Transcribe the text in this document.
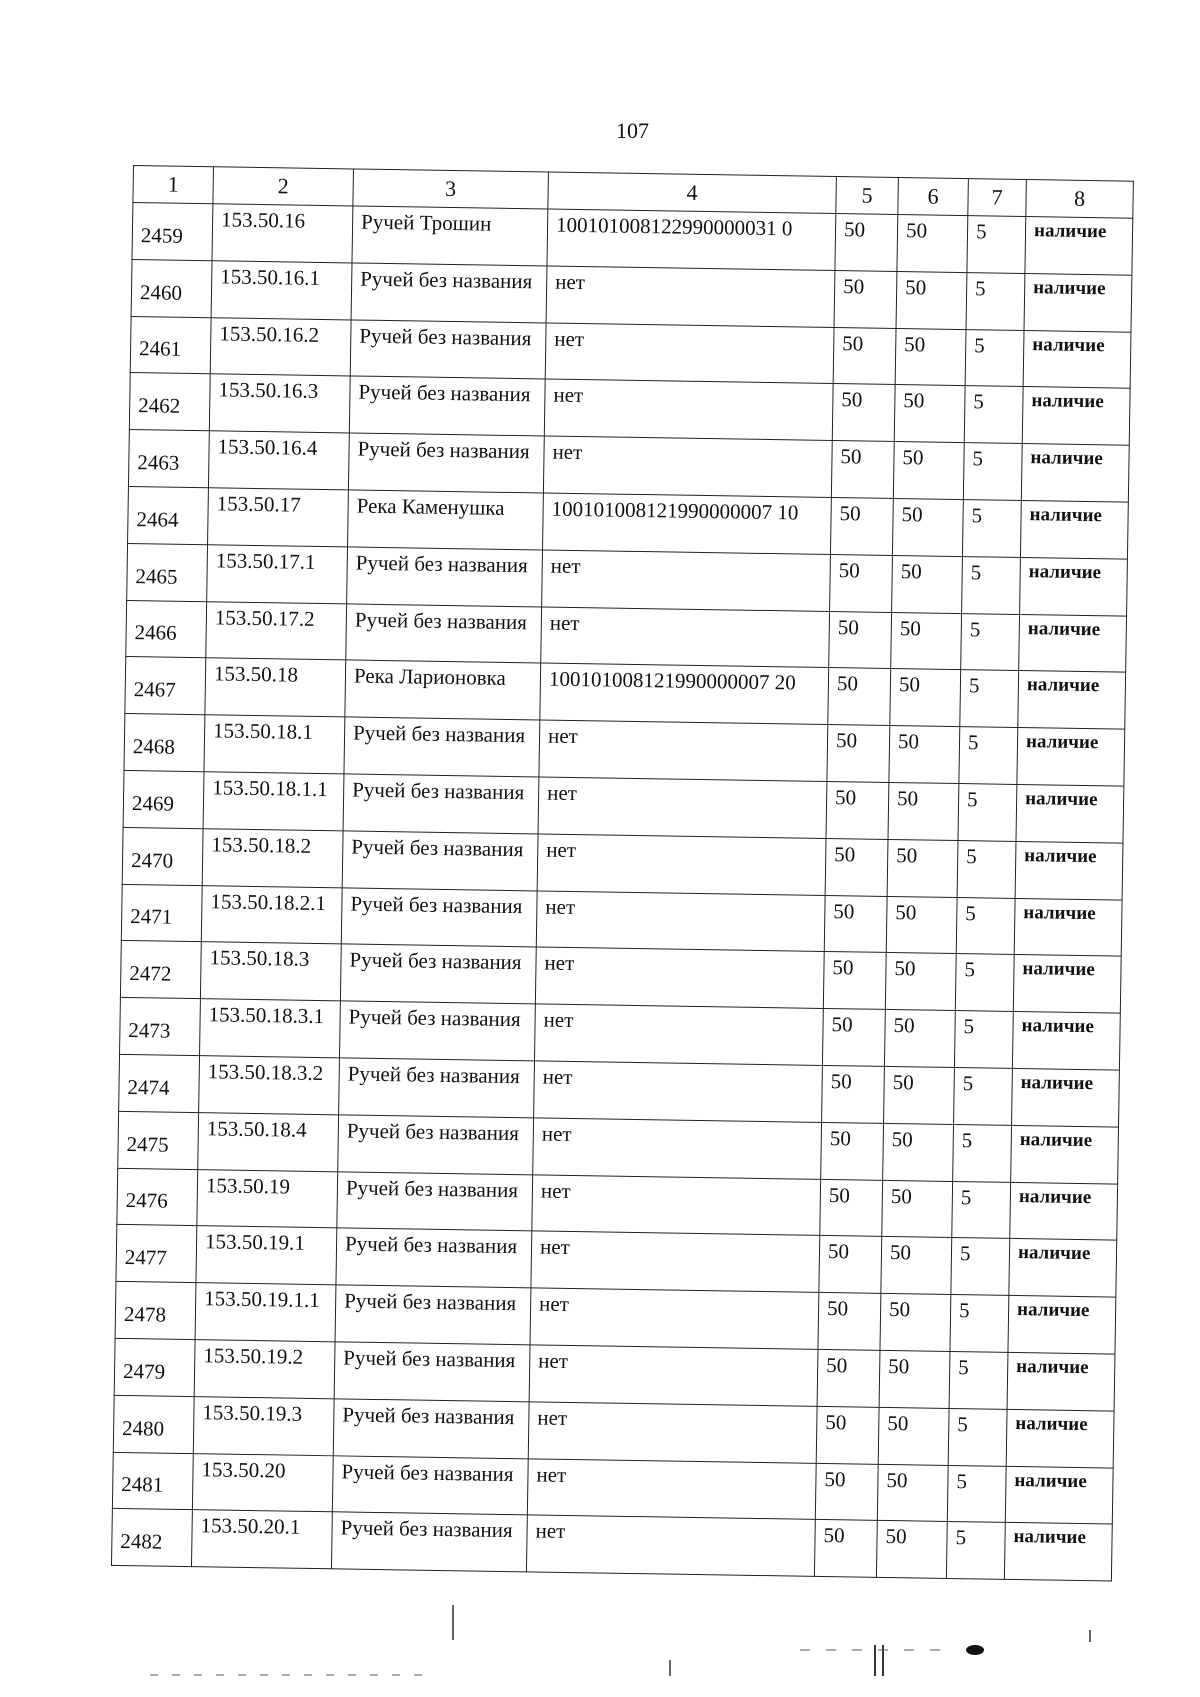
107
1	2	3	4	5	6	7	8
2459	153.50.16	Ручей Трошин	100101008122990000031 0	50	50	5	наличие
2460	153.50.16.1	Ручей без названия	нет	50	50	5	наличие
2461	153.50.16.2	Ручей без названия	нет	50	50	5	наличие
2462	153.50.16.3	Ручей без названия	нет	50	50	5	наличие
2463	153.50.16.4	Ручей без названия	нет	50	50	5	наличие
2464	153.50.17	Река Каменушка	100101008121990000007 10	50	50	5	наличие
2465	153.50.17.1	Ручей без названия	нет	50	50	5	наличие
2466	153.50.17.2	Ручей без названия	нет	50	50	5	наличие
2467	153.50.18	Река Ларионовка	100101008121990000007 20	50	50	5	наличие
2468	153.50.18.1	Ручей без названия	нет	50	50	5	наличие
2469	153.50.18.1.1	Ручей без названия	нет	50	50	5	наличие
2470	153.50.18.2	Ручей без названия	нет	50	50	5	наличие
2471	153.50.18.2.1	Ручей без названия	нет	50	50	5	наличие
2472	153.50.18.3	Ручей без названия	нет	50	50	5	наличие
2473	153.50.18.3.1	Ручей без названия	нет	50	50	5	наличие
2474	153.50.18.3.2	Ручей без названия	нет	50	50	5	наличие
2475	153.50.18.4	Ручей без названия	нет	50	50	5	наличие
2476	153.50.19	Ручей без названия	нет	50	50	5	наличие
2477	153.50.19.1	Ручей без названия	нет	50	50	5	наличие
2478	153.50.19.1.1	Ручей без названия	нет	50	50	5	наличие
2479	153.50.19.2	Ручей без названия	нет	50	50	5	наличие
2480	153.50.19.3	Ручей без названия	нет	50	50	5	наличие
2481	153.50.20	Ручей без названия	нет	50	50	5	наличие
2482	153.50.20.1	Ручей без названия	нет	50	50	5	наличие
